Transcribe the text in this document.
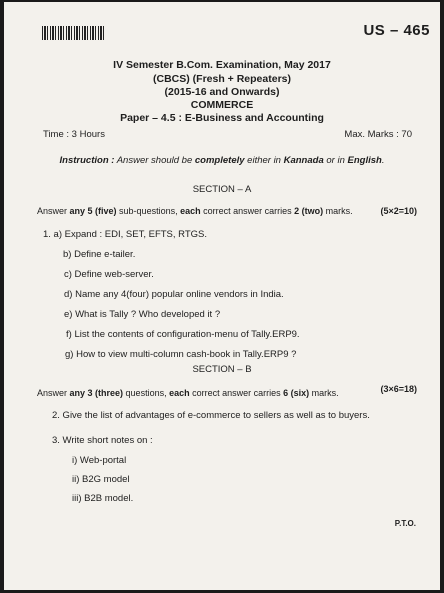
US – 465
IV Semester B.Com. Examination, May 2017
(CBCS) (Fresh + Repeaters)
(2015-16 and Onwards)
COMMERCE
Paper – 4.5 : E-Business and Accounting
Time : 3 Hours	Max. Marks : 70
Instruction : Answer should be completely either in Kannada or in English.
SECTION – A
Answer any 5 (five) sub-questions, each correct answer carries 2 (two) marks.	(5×2=10)
1. a) Expand : EDI, SET, EFTS, RTGS.
b) Define e-tailer.
c) Define web-server.
d) Name any 4(four) popular online vendors in India.
e) What is Tally ? Who developed it ?
f) List the contents of configuration-menu of Tally.ERP9.
g) How to view multi-column cash-book in Tally.ERP9 ?
SECTION – B
Answer any 3 (three) questions, each correct answer carries 6 (six) marks.	(3×6=18)
2. Give the list of advantages of e-commerce to sellers as well as to buyers.
3. Write short notes on :
i) Web-portal
ii) B2G model
iii) B2B model.
P.T.O.
